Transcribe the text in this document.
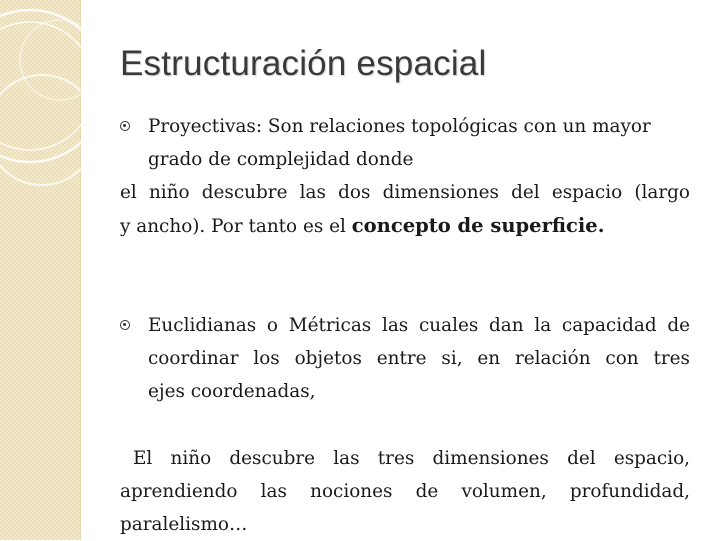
Estructuración espacial
Proyectivas: Son relaciones topológicas con un mayor
grado de complejidad donde
el niño descubre las dos dimensiones del espacio (largo
y ancho). Por tanto es el concepto de superficie.
Euclidianas o Métricas las cuales dan la capacidad de
coordinar los objetos entre si, en relación con tres
ejes coordenadas,
El niño descubre las tres dimensiones del espacio,
aprendiendo las nociones de volumen, profundidad,
paralelismo…
